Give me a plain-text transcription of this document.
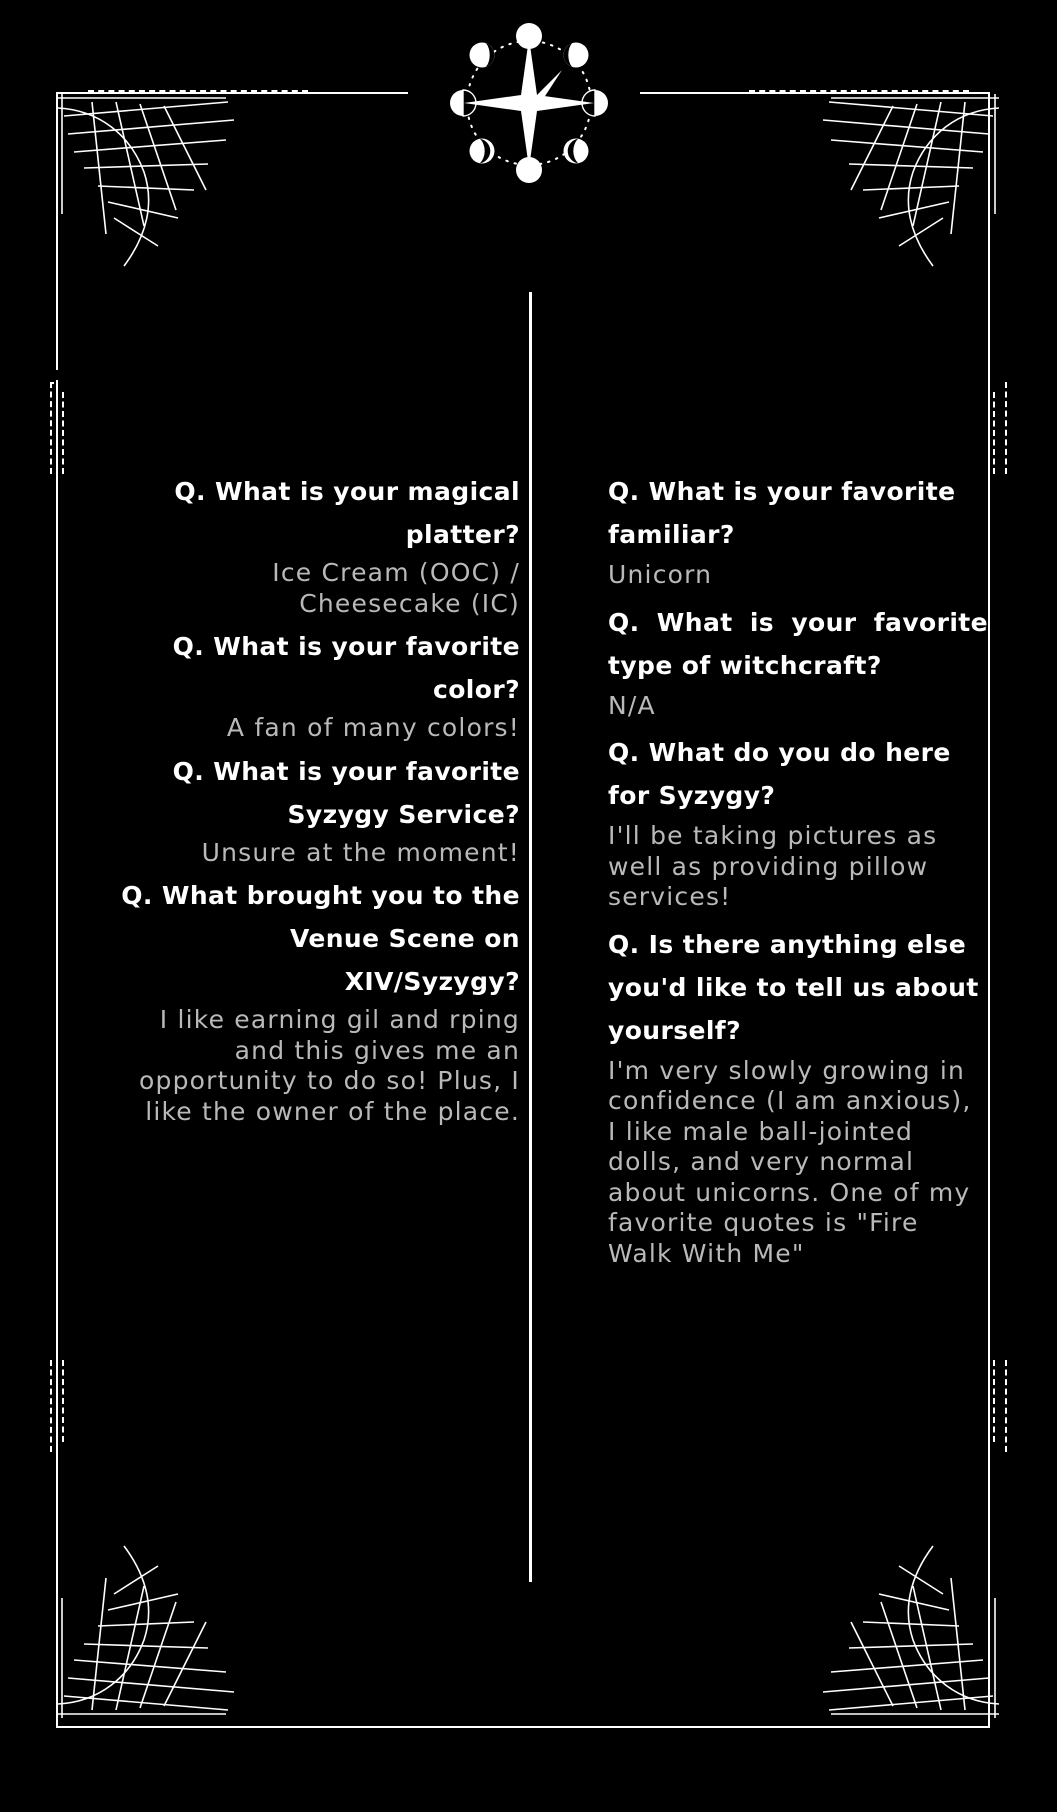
Q. What is your magical platter?

Ice Cream (OOC) / Cheesecake (IC)

Q. What is your favorite color?

A fan of many colors!

Q. What is your favorite Syzygy Service?

Unsure at the moment!

Q. What brought you to the Venue Scene on XIV/Syzygy?

I like earning gil and rping and this gives me an opportunity to do so! Plus, I like the owner of the place.

Q. What is your favorite familiar?

Unicorn

Q. What is your favorite type of witchcraft?

N/A

Q. What do you do here for Syzygy?

I'll be taking pictures as well as providing pillow services!

Q. Is there anything else you'd like to tell us about yourself?

I'm very slowly growing in confidence (I am anxious), I like male ball-jointed dolls, and very normal about unicorns. One of my favorite quotes is "Fire Walk With Me"
